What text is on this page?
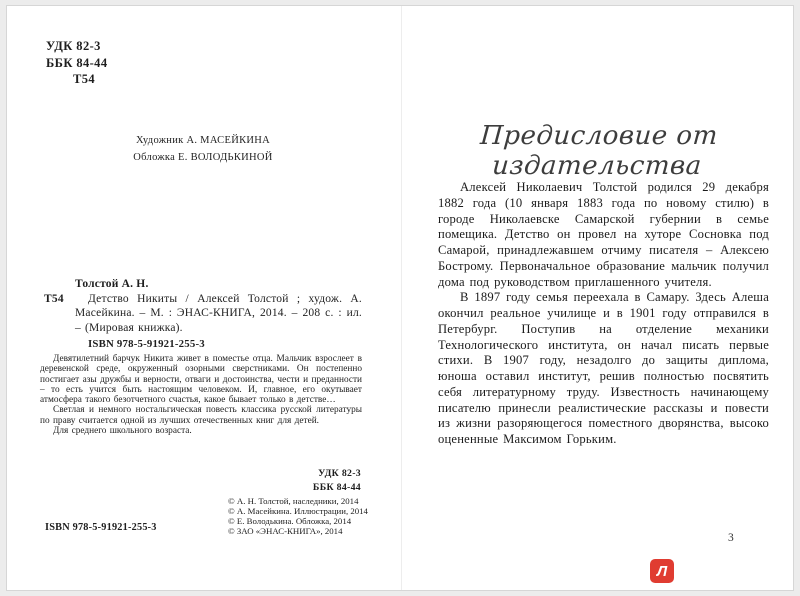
УДК 82-3
ББК 84-44
Т54
Художник А. МАСЕЙКИНА
Обложка Е. ВОЛОДЬКИНОЙ
Толстой А. Н.
Т54	Детство Никиты / Алексей Толстой ; худож. А. Масейкина. – М. : ЭНАС-КНИГА, 2014. – 208 с. : ил. – (Мировая книжка).
ISBN 978-5-91921-255-3

Девятилетний барчук Никита живет в поместье отца. Мальчик взрослеет в деревенской среде, окруженный озорными сверстниками. Он постепенно постигает азы дружбы и верности, отваги и достоинства, чести и преданности – то есть учится быть настоящим человеком. И, главное, его окутывает атмосфера такого безотчетного счастья, какое бывает только в детстве…

Светлая и немного ностальгическая повесть классика русской литературы по праву считается одной из лучших отечественных книг для детей.

Для среднего школьного возраста.

УДК 82-3
ББК 84-44
© А. Н. Толстой, наследники, 2014
© А. Масейкина. Иллюстрации, 2014
© Е. Володькина. Обложка, 2014
© ЗАО «ЭНАС-КНИГА», 2014
ISBN 978-5-91921-255-3
Предисловие от издательства

Алексей Николаевич Толстой родился 29 декабря 1882 года (10 января 1883 года по новому стилю) в городе Николаевске Самарской губернии в семье помещика. Детство он провел на хуторе Сосновка под Самарой, принадлежавшем отчиму писателя – Алексею Бострому. Первоначальное образование мальчик получил дома под руководством приглашенного учителя.

В 1897 году семья переехала в Самару. Здесь Алеша окончил реальное училище и в 1901 году отправился в Петербург. Поступив на отделение механики Технологического института, он начал писать первые стихи. В 1907 году, незадолго до защиты диплома, юноша оставил институт, решив полностью посвятить себя литературному труду. Известность начинающему писателю принесли реалистические рассказы и повести из жизни разоряющегося поместного дворянства, высоко оцененные Максимом Горьким.

3
Л
